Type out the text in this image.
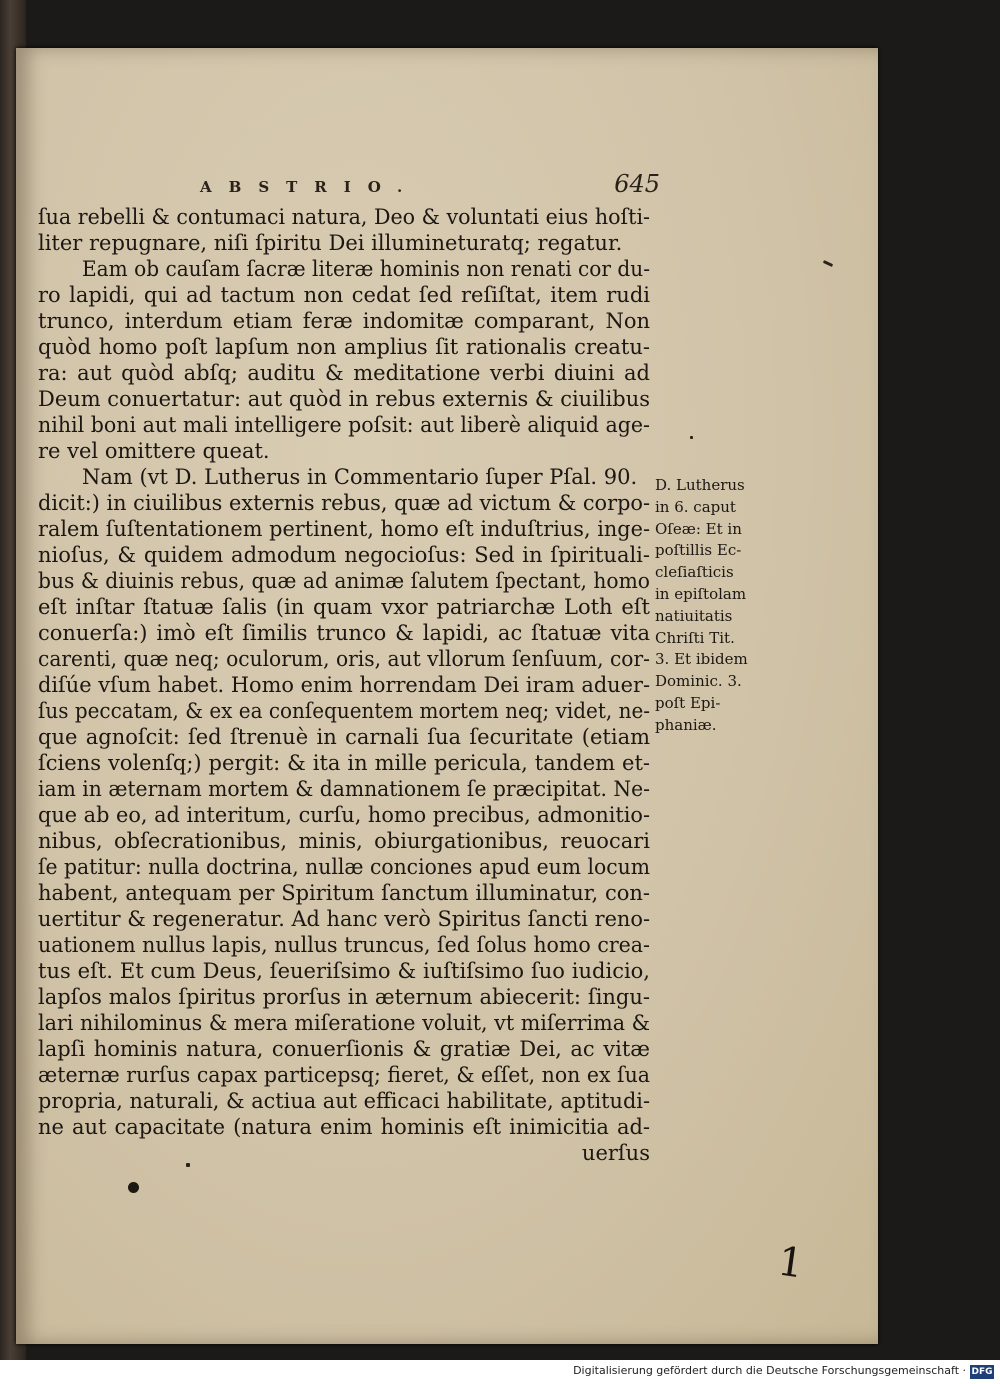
ABSTRIO.	645
ſua rebelli & contumaci natura, Deo & voluntati eius hoſti-
liter repugnare, niſi ſpiritu Dei illumineturatq; regatur.
Eam ob cauſam ſacræ literæ hominis non renati cor du-
ro lapidi, qui ad tactum non cedat ſed reſiſtat, item rudi
trunco, interdum etiam feræ indomitæ comparant, Non
quòd homo poſt lapſum non amplius ſit rationalis creatu-
ra: aut quòd abſq; auditu & meditatione verbi diuini ad
Deum conuertatur: aut quòd in rebus externis & ciuilibus
nihil boni aut mali intelligere poſsit: aut liberè aliquid age-
re vel omittere queat.
Nam (vt D. Lutherus in Commentario ſuper Pſal. 90.
dicit:) in ciuilibus externis rebus, quæ ad victum & corpo-
ralem ſuſtentationem pertinent, homo eſt induſtrius, inge-
nioſus, & quidem admodum negocioſus: Sed in ſpirituali-
bus & diuinis rebus, quæ ad animæ ſalutem ſpectant, homo
eſt inſtar ſtatuæ ſalis (in quam vxor patriarchæ Loth eſt
conuerſa:) imò eſt ſimilis trunco & lapidi, ac ſtatuæ vita
carenti, quæ neq; oculorum, oris, aut vllorum ſenſuum, cor-
diſúe vſum habet. Homo enim horrendam Dei iram aduer-
ſus peccatam, & ex ea conſequentem mortem neq; videt, ne-
que agnoſcit: ſed ſtrenuè in carnali ſua ſecuritate (etiam
ſciens volenſq;) pergit: & ita in mille pericula, tandem et-
iam in æternam mortem & damnationem ſe præcipitat. Ne-
que ab eo, ad interitum, curſu, homo precibus, admonitio-
nibus, obſecrationibus, minis, obiurgationibus, reuocari
ſe patitur: nulla doctrina, nullæ conciones apud eum locum
habent, antequam per Spiritum ſanctum illuminatur, con-
uertitur & regeneratur. Ad hanc verò Spiritus ſancti reno-
uationem nullus lapis, nullus truncus, ſed ſolus homo crea-
tus eſt. Et cum Deus, ſeueriſsimo & iuſtiſsimo ſuo iudicio,
lapſos malos ſpiritus prorſus in æternum abiecerit: ſingu-
lari nihilominus & mera miſeratione voluit, vt miſerrima &
lapſi hominis natura, conuerſionis & gratiæ Dei, ac vitæ
æternæ rurſus capax particepsq; fieret, & eſſet, non ex ſua
propria, naturali, & actiua aut efficaci habilitate, aptitudi-
ne aut capacitate (natura enim hominis eſt inimicitia ad-
uerſus
D. Lutherus
in 6. caput
Oſeæ: Et in
poſtillis Ec-
cleſiaſticis
in epiſtolam
natiuitatis
Chriſti Tit.
3. Et ibidem
Dominic. 3.
poſt Epi-
phaniæ.
1
Digitalisierung gefördert durch die Deutsche Forschungsgemeinschaft · DFG
